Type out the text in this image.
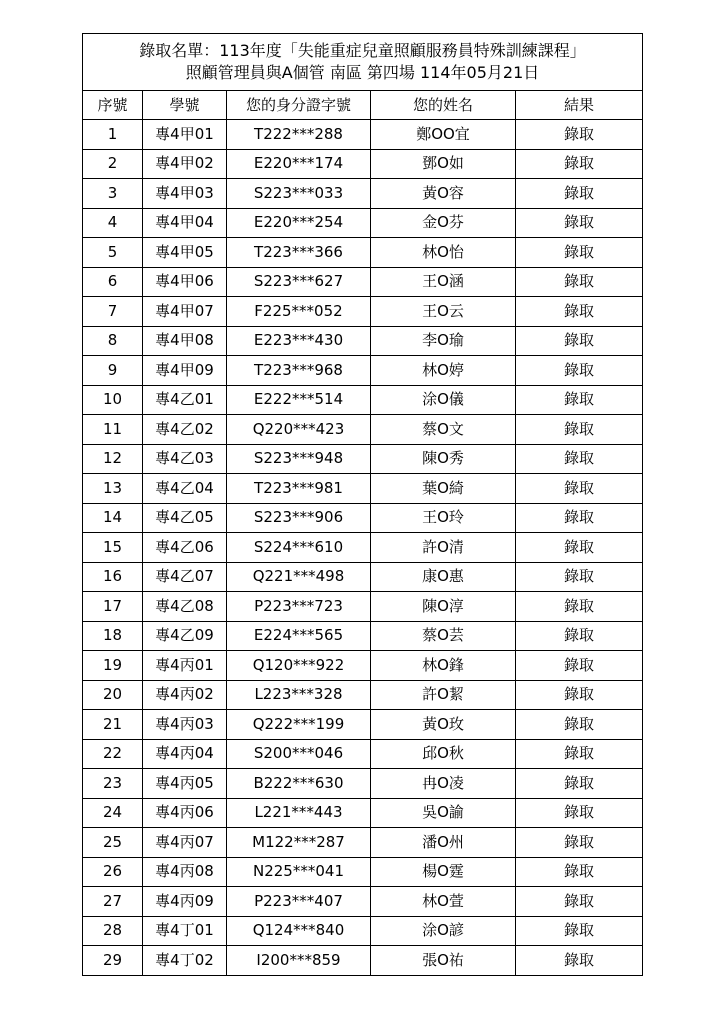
錄取名單：113年度「失能重症兒童照顧服務員特殊訓練課程」
照顧管理員與A個管 南區 第四場 114年05月21日				

序號	學號	您的身分證字號	您的姓名	結果
1	專4甲01	T222***288	鄭OO宜	錄取
2	專4甲02	E220***174	鄧O如	錄取
3	專4甲03	S223***033	黃O容	錄取
4	專4甲04	E220***254	金O芬	錄取
5	專4甲05	T223***366	林O怡	錄取
6	專4甲06	S223***627	王O涵	錄取
7	專4甲07	F225***052	王O云	錄取
8	專4甲08	E223***430	李O瑜	錄取
9	專4甲09	T223***968	林O婷	錄取
10	專4乙01	E222***514	涂O儀	錄取
11	專4乙02	Q220***423	蔡O文	錄取
12	專4乙03	S223***948	陳O秀	錄取
13	專4乙04	T223***981	葉O綺	錄取
14	專4乙05	S223***906	王O玲	錄取
15	專4乙06	S224***610	許O清	錄取
16	專4乙07	Q221***498	康O惠	錄取
17	專4乙08	P223***723	陳O淳	錄取
18	專4乙09	E224***565	蔡O芸	錄取
19	專4丙01	Q120***922	林O鋒	錄取
20	專4丙02	L223***328	許O絜	錄取
21	專4丙03	Q222***199	黃O玫	錄取
22	專4丙04	S200***046	邱O秋	錄取
23	專4丙05	B222***630	冉O凌	錄取
24	專4丙06	L221***443	吳O諭	錄取
25	專4丙07	M122***287	潘O州	錄取
26	專4丙08	N225***041	楊O霆	錄取
27	專4丙09	P223***407	林O萱	錄取
28	專4丁01	Q124***840	涂O諺	錄取
29	專4丁02	I200***859	張O祐	錄取
